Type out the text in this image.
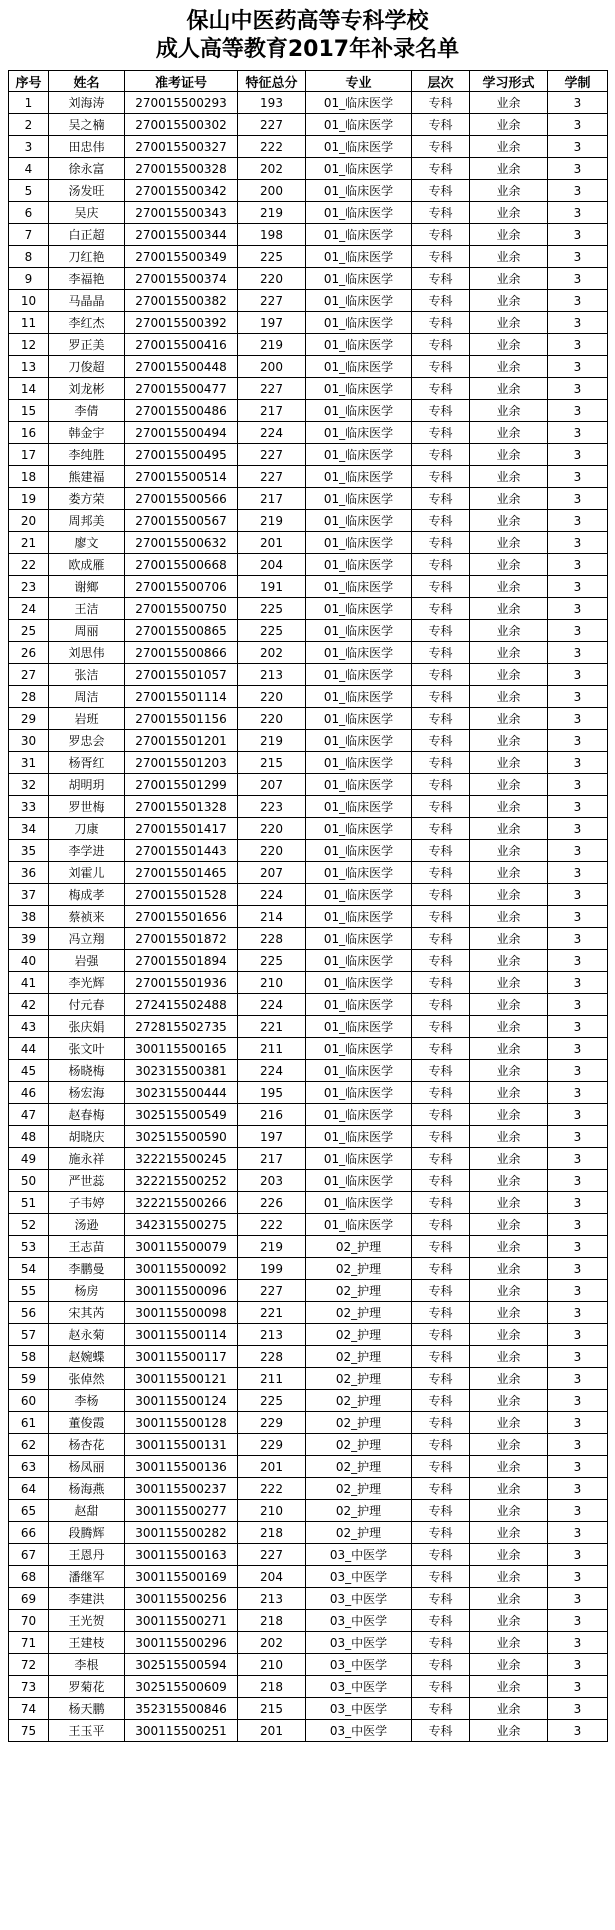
保山中医药高等专科学校
成人高等教育2017年补录名单
序号	姓名	准考证号	特征总分	专业	层次	学习形式	学制
1	刘海涛	270015500293	193	01_临床医学	专科	业余	3
2	吴之楠	270015500302	227	01_临床医学	专科	业余	3
3	田忠伟	270015500327	222	01_临床医学	专科	业余	3
4	徐永富	270015500328	202	01_临床医学	专科	业余	3
5	汤发旺	270015500342	200	01_临床医学	专科	业余	3
6	吴庆	270015500343	219	01_临床医学	专科	业余	3
7	白正超	270015500344	198	01_临床医学	专科	业余	3
8	刀红艳	270015500349	225	01_临床医学	专科	业余	3
9	李福艳	270015500374	220	01_临床医学	专科	业余	3
10	马晶晶	270015500382	227	01_临床医学	专科	业余	3
11	李红杰	270015500392	197	01_临床医学	专科	业余	3
12	罗正美	270015500416	219	01_临床医学	专科	业余	3
13	刀俊超	270015500448	200	01_临床医学	专科	业余	3
14	刘龙彬	270015500477	227	01_临床医学	专科	业余	3
15	李倩	270015500486	217	01_临床医学	专科	业余	3
16	韩金宇	270015500494	224	01_临床医学	专科	业余	3
17	李纯胜	270015500495	227	01_临床医学	专科	业余	3
18	熊建福	270015500514	227	01_临床医学	专科	业余	3
19	娄方荣	270015500566	217	01_临床医学	专科	业余	3
20	周邦美	270015500567	219	01_临床医学	专科	业余	3
21	廖文	270015500632	201	01_临床医学	专科	业余	3
22	欧成雁	270015500668	204	01_临床医学	专科	业余	3
23	谢鄉	270015500706	191	01_临床医学	专科	业余	3
24	王洁	270015500750	225	01_临床医学	专科	业余	3
25	周丽	270015500865	225	01_临床医学	专科	业余	3
26	刘思伟	270015500866	202	01_临床医学	专科	业余	3
27	张洁	270015501057	213	01_临床医学	专科	业余	3
28	周洁	270015501114	220	01_临床医学	专科	业余	3
29	岩班	270015501156	220	01_临床医学	专科	业余	3
30	罗忠会	270015501201	219	01_临床医学	专科	业余	3
31	杨胥红	270015501203	215	01_临床医学	专科	业余	3
32	胡明玥	270015501299	207	01_临床医学	专科	业余	3
33	罗世梅	270015501328	223	01_临床医学	专科	业余	3
34	刀康	270015501417	220	01_临床医学	专科	业余	3
35	李学进	270015501443	220	01_临床医学	专科	业余	3
36	刘霍儿	270015501465	207	01_临床医学	专科	业余	3
37	梅成孝	270015501528	224	01_临床医学	专科	业余	3
38	蔡祯来	270015501656	214	01_临床医学	专科	业余	3
39	冯立翔	270015501872	228	01_临床医学	专科	业余	3
40	岩强	270015501894	225	01_临床医学	专科	业余	3
41	李光辉	270015501936	210	01_临床医学	专科	业余	3
42	付元春	272415502488	224	01_临床医学	专科	业余	3
43	张庆娟	272815502735	221	01_临床医学	专科	业余	3
44	张文叶	300115500165	211	01_临床医学	专科	业余	3
45	杨晓梅	302315500381	224	01_临床医学	专科	业余	3
46	杨宏海	302315500444	195	01_临床医学	专科	业余	3
47	赵春梅	302515500549	216	01_临床医学	专科	业余	3
48	胡晓庆	302515500590	197	01_临床医学	专科	业余	3
49	施永祥	322215500245	217	01_临床医学	专科	业余	3
50	严世蕊	322215500252	203	01_临床医学	专科	业余	3
51	子韦婷	322215500266	226	01_临床医学	专科	业余	3
52	汤逊	342315500275	222	01_临床医学	专科	业余	3
53	王志苗	300115500079	219	02_护理	专科	业余	3
54	李鹏曼	300115500092	199	02_护理	专科	业余	3
55	杨房	300115500096	227	02_护理	专科	业余	3
56	宋其芮	300115500098	221	02_护理	专科	业余	3
57	赵永菊	300115500114	213	02_护理	专科	业余	3
58	赵婉蝶	300115500117	228	02_护理	专科	业余	3
59	张倬然	300115500121	211	02_护理	专科	业余	3
60	李杨	300115500124	225	02_护理	专科	业余	3
61	董俊霞	300115500128	229	02_护理	专科	业余	3
62	杨杏花	300115500131	229	02_护理	专科	业余	3
63	杨凤丽	300115500136	201	02_护理	专科	业余	3
64	杨海燕	300115500237	222	02_护理	专科	业余	3
65	赵甜	300115500277	210	02_护理	专科	业余	3
66	段腾辉	300115500282	218	02_护理	专科	业余	3
67	王恩丹	300115500163	227	03_中医学	专科	业余	3
68	潘继军	300115500169	204	03_中医学	专科	业余	3
69	李建洪	300115500256	213	03_中医学	专科	业余	3
70	王光贺	300115500271	218	03_中医学	专科	业余	3
71	王建枝	300115500296	202	03_中医学	专科	业余	3
72	李根	302515500594	210	03_中医学	专科	业余	3
73	罗菊花	302515500609	218	03_中医学	专科	业余	3
74	杨天鹏	352315500846	215	03_中医学	专科	业余	3
75	王玉平	300115500251	201	03_中医学	专科	业余	3
